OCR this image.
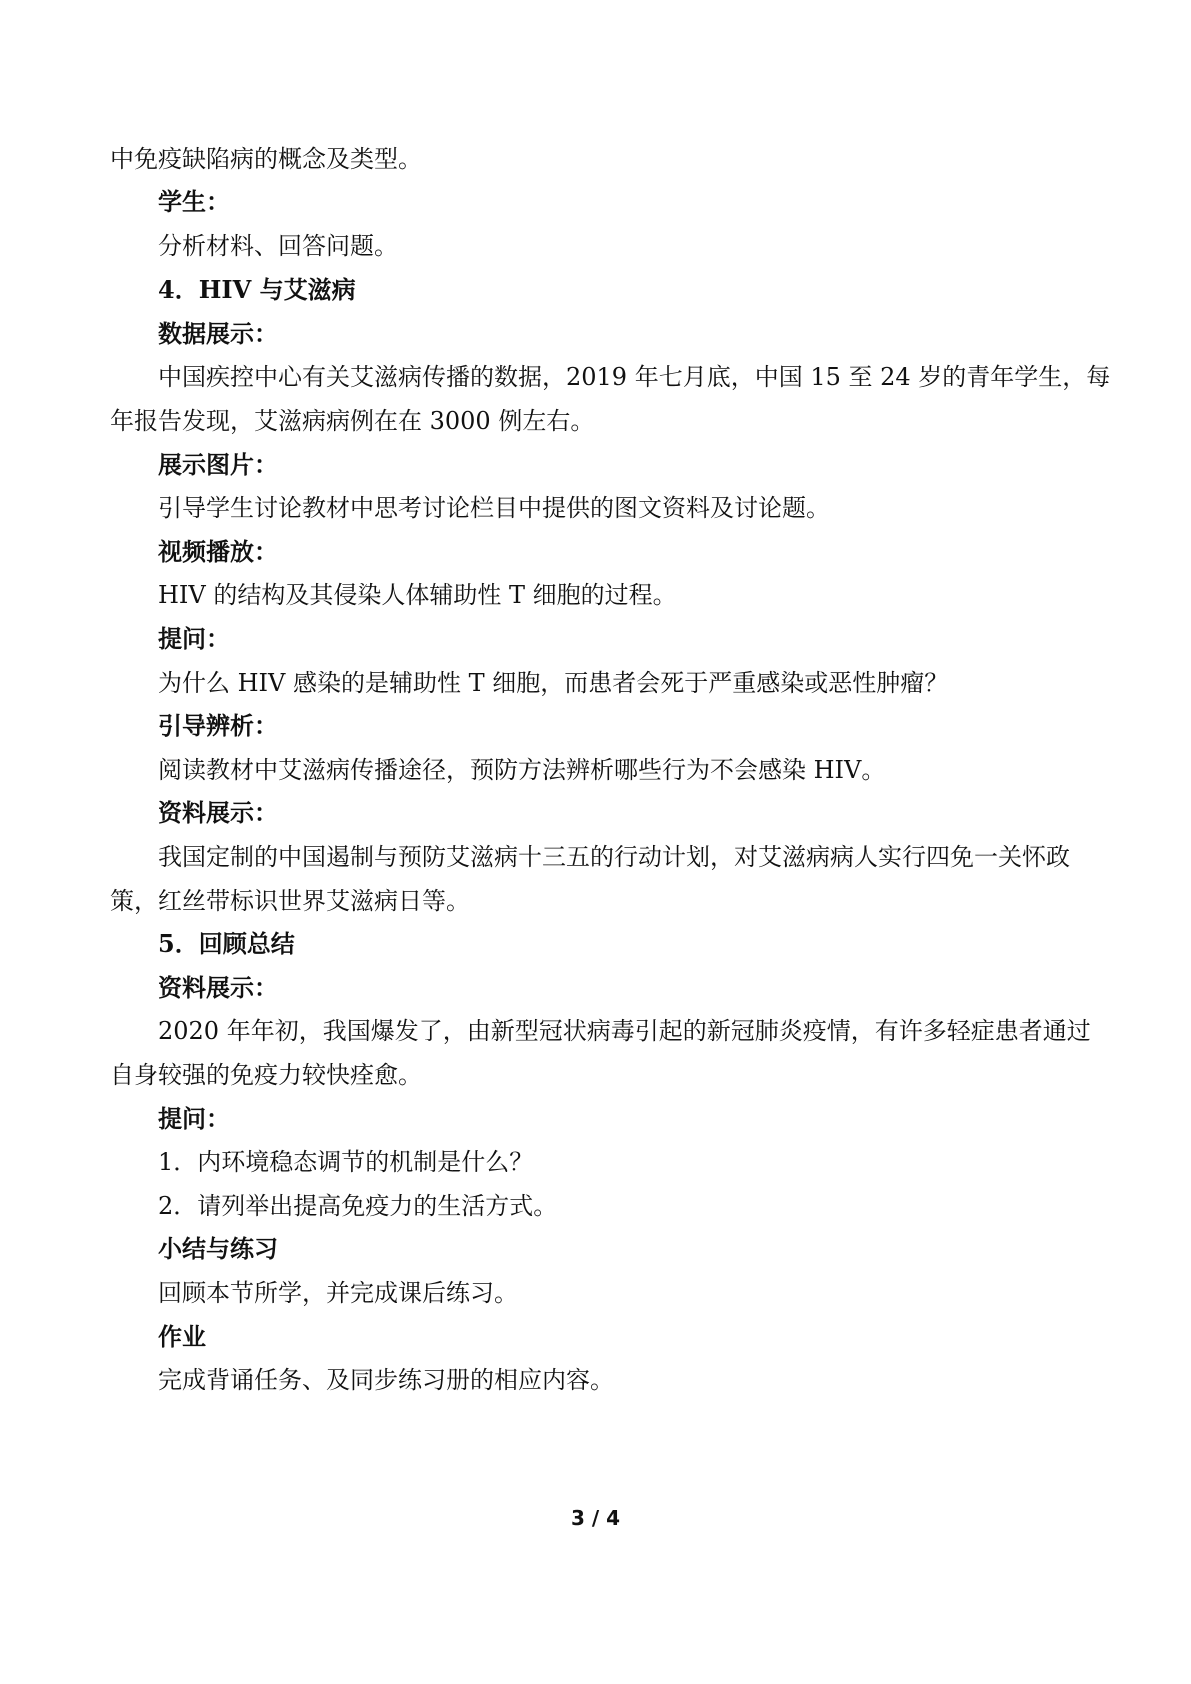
中免疫缺陷病的概念及类型。
学生：
分析材料、回答问题。
4．HIV 与艾滋病
数据展示：
中国疾控中心有关艾滋病传播的数据，2019 年七月底，中国 15 至 24 岁的青年学生，每
年报告发现，艾滋病病例在在 3000 例左右。
展示图片：
引导学生讨论教材中思考讨论栏目中提供的图文资料及讨论题。
视频播放：
HIV 的结构及其侵染人体辅助性 T 细胞的过程。
提问：
为什么 HIV 感染的是辅助性 T 细胞，而患者会死于严重感染或恶性肿瘤？
引导辨析：
阅读教材中艾滋病传播途径，预防方法辨析哪些行为不会感染 HIV。
资料展示：
我国定制的中国遏制与预防艾滋病十三五的行动计划，对艾滋病病人实行四免一关怀政
策，红丝带标识世界艾滋病日等。
5．回顾总结
资料展示：
2020 年年初，我国爆发了，由新型冠状病毒引起的新冠肺炎疫情，有许多轻症患者通过
自身较强的免疫力较快痊愈。
提问：
1．内环境稳态调节的机制是什么？
2．请列举出提高免疫力的生活方式。
小结与练习
回顾本节所学，并完成课后练习。
作业
完成背诵任务、及同步练习册的相应内容。
3 / 4
